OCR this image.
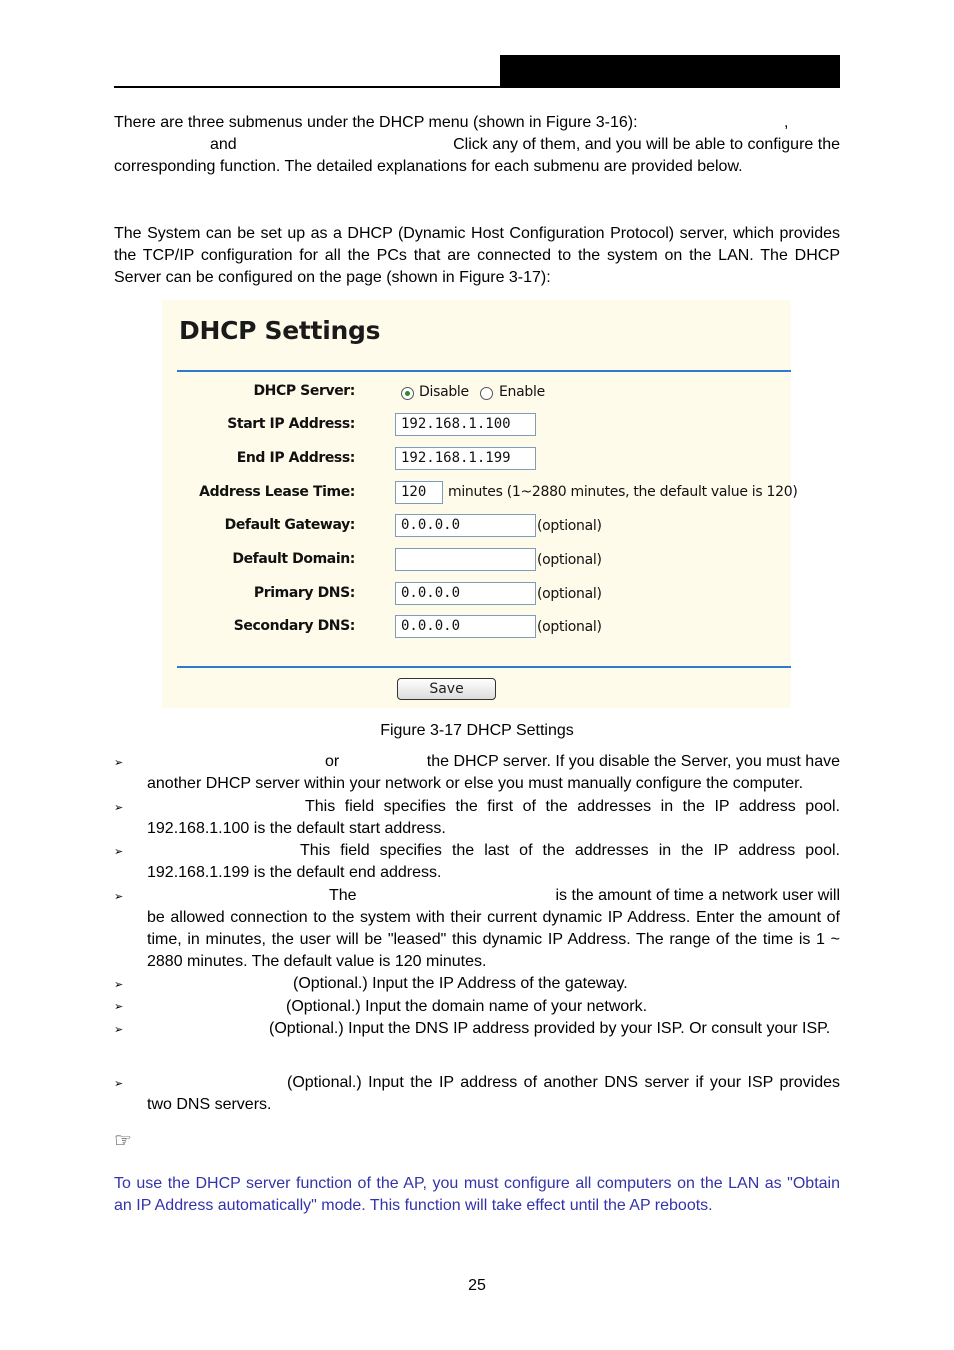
There are three submenus under the DHCP menu (shown in Figure 3-16):	,
and	Click any of them, and you will be able to configure the
corresponding function. The detailed explanations for each submenu are provided below.
The System can be set up as a DHCP (Dynamic Host Configuration Protocol) server, which provides the TCP/IP configuration for all the PCs that are connected to the system on the LAN. The DHCP Server can be configured on the page (shown in Figure 3-17):
DHCP Settings
DHCP Server:	Disable Enable
Start IP Address:	192.168.1.100
End IP Address:	192.168.1.199
Address Lease Time:	120	minutes (1~2880 minutes, the default value is 120)
Default Gateway:	0.0.0.0	(optional)
Default Domain:	(optional)
Primary DNS:	0.0.0.0	(optional)
Secondary DNS:	0.0.0.0	(optional)
Save
Figure 3-17 DHCP Settings
➢	or	the DHCP server. If you disable the Server, you must have
another DHCP server within your network or else you must manually configure the computer.
➢	This field specifies the first of the addresses in the IP address pool. 192.168.1.100 is the default start address.
➢	This field specifies the last of the addresses in the IP address pool. 192.168.1.199 is the default end address.
➢	The	is the amount of time a network user will
be allowed connection to the system with their current dynamic IP Address. Enter the amount of time, in minutes, the user will be "leased" this dynamic IP Address. The range of the time is 1 ~ 2880 minutes. The default value is 120 minutes.
➢	(Optional.) Input the IP Address of the gateway.
➢	(Optional.) Input the domain name of your network.
➢	(Optional.) Input the DNS IP address provided by your ISP. Or consult your ISP.
➢	(Optional.) Input the IP address of another DNS server if your ISP provides two DNS servers.
☞
To use the DHCP server function of the AP, you must configure all computers on the LAN as "Obtain an IP Address automatically" mode. This function will take effect until the AP reboots.
25
